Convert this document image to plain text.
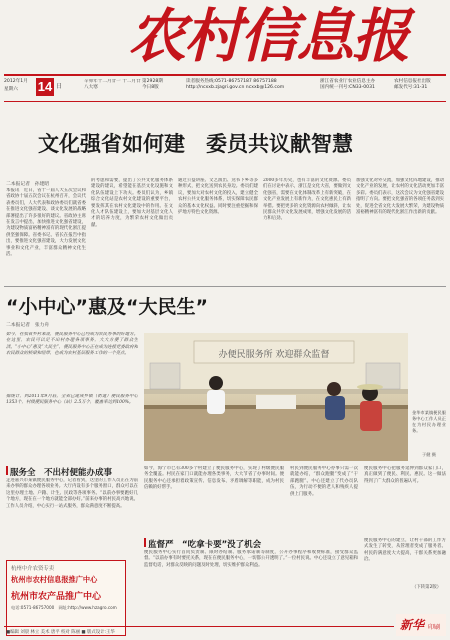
农村信息报
2012年1月
星期六 14 日
辛卯年十二月廿一 十二月廿八大寒
第2928期
今日8版
读者服务热线:0571-86757187 86757188
http://ncxxb.zjagri.gov.cn ncxxb@126.com
浙江省农业厅农业信息主办
国内统一刊号:CN33-0031
农村信息报社出版
邮发代号:31-31
文化强省如何建　委员共议献智慧
二本报记者　孙建昭
本报讯　近日，省十一届人大五次会议和省政协十届五次会议在杭州召开，会议代表委员们，人大代表和政协委员们就省委在推进文化强省建设、谈文化发展的战略部署提出了许多很好的建议。省政协主席在发言中提出，加快推进文化强省建设，为建设物质富裕精神富有的现代化浙江提供坚强保障。省委书记、省长在报告中指出，要推进文化强省建设，大力发展文化事业和文化产业，丰富群众精神文化生活。
的考虑和需要，提出了公共文化服务体系建设的建议，希望能在基层文化设施和文化队伍建设上下功夫。委员们认为，乡镇综合文化站是农村文化建设的重要平台，要发挥其在农村文化建设中的作用。在文化人才队伍建设上，要加大对基层文化人才的培养力度，为繁荣农村文化做出贡献。
通过公益讲座、文艺演出、送书下乡等多种形式，把文化送到农民身边。委员们建议，要加大对农村文化的投入，建立健全农村公共文化服务体系，切实保障农民群众的基本文化权益。同时要注重挖掘和保护地方特色文化资源。
2000多年历史，也有丰富的文化资源。委员们在讨论中表示，浙江是文化大省，要做到文化强省，需要在文化体制改革上有新突破，在文化产业发展上有新作为，在文化惠民上有新举措。要把更多的文化资源向农村倾斜，让农民群众共享文化发展成果，增强文化发展的活力和后劲。
加强文化对外交流，加强文化阵地建设，推动文化产业的发展，让农村的文化活动更加丰富多彩。委员们表示，这次会议为文化强省建设指明了方向。要把文化强省的各项任务落到实处，促进全省文化大发展大繁荣，为建设物质富裕精神富有的现代化浙江作出新的贡献。
“小中心”惠及“大民生”
二本报记者　张力舟
如今，在我省乡村来说，便民服务中心已经成为农民办事的好地方。在这里，农民可以足不出村办理各项事务，大大方便了群众生活。“小中心”惠及“大民生”，便民服务中心正在成为连接党委政府和农民群众的桥梁和纽带，也成为农村基层服务工作的一个亮点。
据统计，到2011年9月底，全省已建成乡镇（街道）便民服务中心1353个，村级便民服务中心（站）2.5万个，覆盖率达到100%。
办便民服务所 欢迎群众监督
金华市某镇便民服务中心工作人员正在为村民办理业务。
于健 摄
服务全　不出村便能办成事
走进嘉兴市某镇便民服务中心，记者看到，这里的工作人员正在为前来办事的群众办理各项业务。大厅内设有多个服务窗口，群众可以在这里办理土地、户籍、计生、民政等各项事务。“以前办事要跑好几个地方，现在在一个地方就能全部办好。”前来办事的村民高兴地说。工作人员介绍，中心实行一站式服务，群众满意度不断提高。
如今，海宁市已有300多个村建立了便民服务中心，实现了村级便民服务全覆盖。村民在家门口就能办理各类事务，大大节省了办事时间。便民服务中心还承担着政策宣传、信息发布、矛盾调解等职能，成为村民信赖的好帮手。
村民到便民服务中心办事只需一次就能办结，“群众跑腿”变成了“干部跑腿”。中心还建立了代办员队伍，为行动不便的老人和残疾人提供上门服务。
便民服务中心把服务延伸到群众家门口，真正做到了便民、利民、惠民。这一做法得到了广大群众的普遍认可。
监督严　“吃拿卡要”没了机会
便民服务中心实行首问负责制、限时办结制、服务承诺制等制度，公开办事程序和收费标准，接受群众监督。“以前办事有时要托关系，现在在便民服务中心，一切都公开透明了。”一位村民说。中心还设立了意见箱和监督电话，对群众反映的问题及时处理，切实维护群众利益。
便民服务中心的建立，让村干部的工作方式发生了转变，从管理者变成了服务者。村民的满意度大大提高，干群关系更加融洽。
（下转第2版）
杭州中介农资专卖
杭州市农村信息报推广中心
杭州市农产品推广中心
电话:0571-86757000　网址:http://www.hzagro.com
■编辑 刘晨 林立 美术 唐平 校对 陈丽 ■ 版式设计:王华
新华 印刷
